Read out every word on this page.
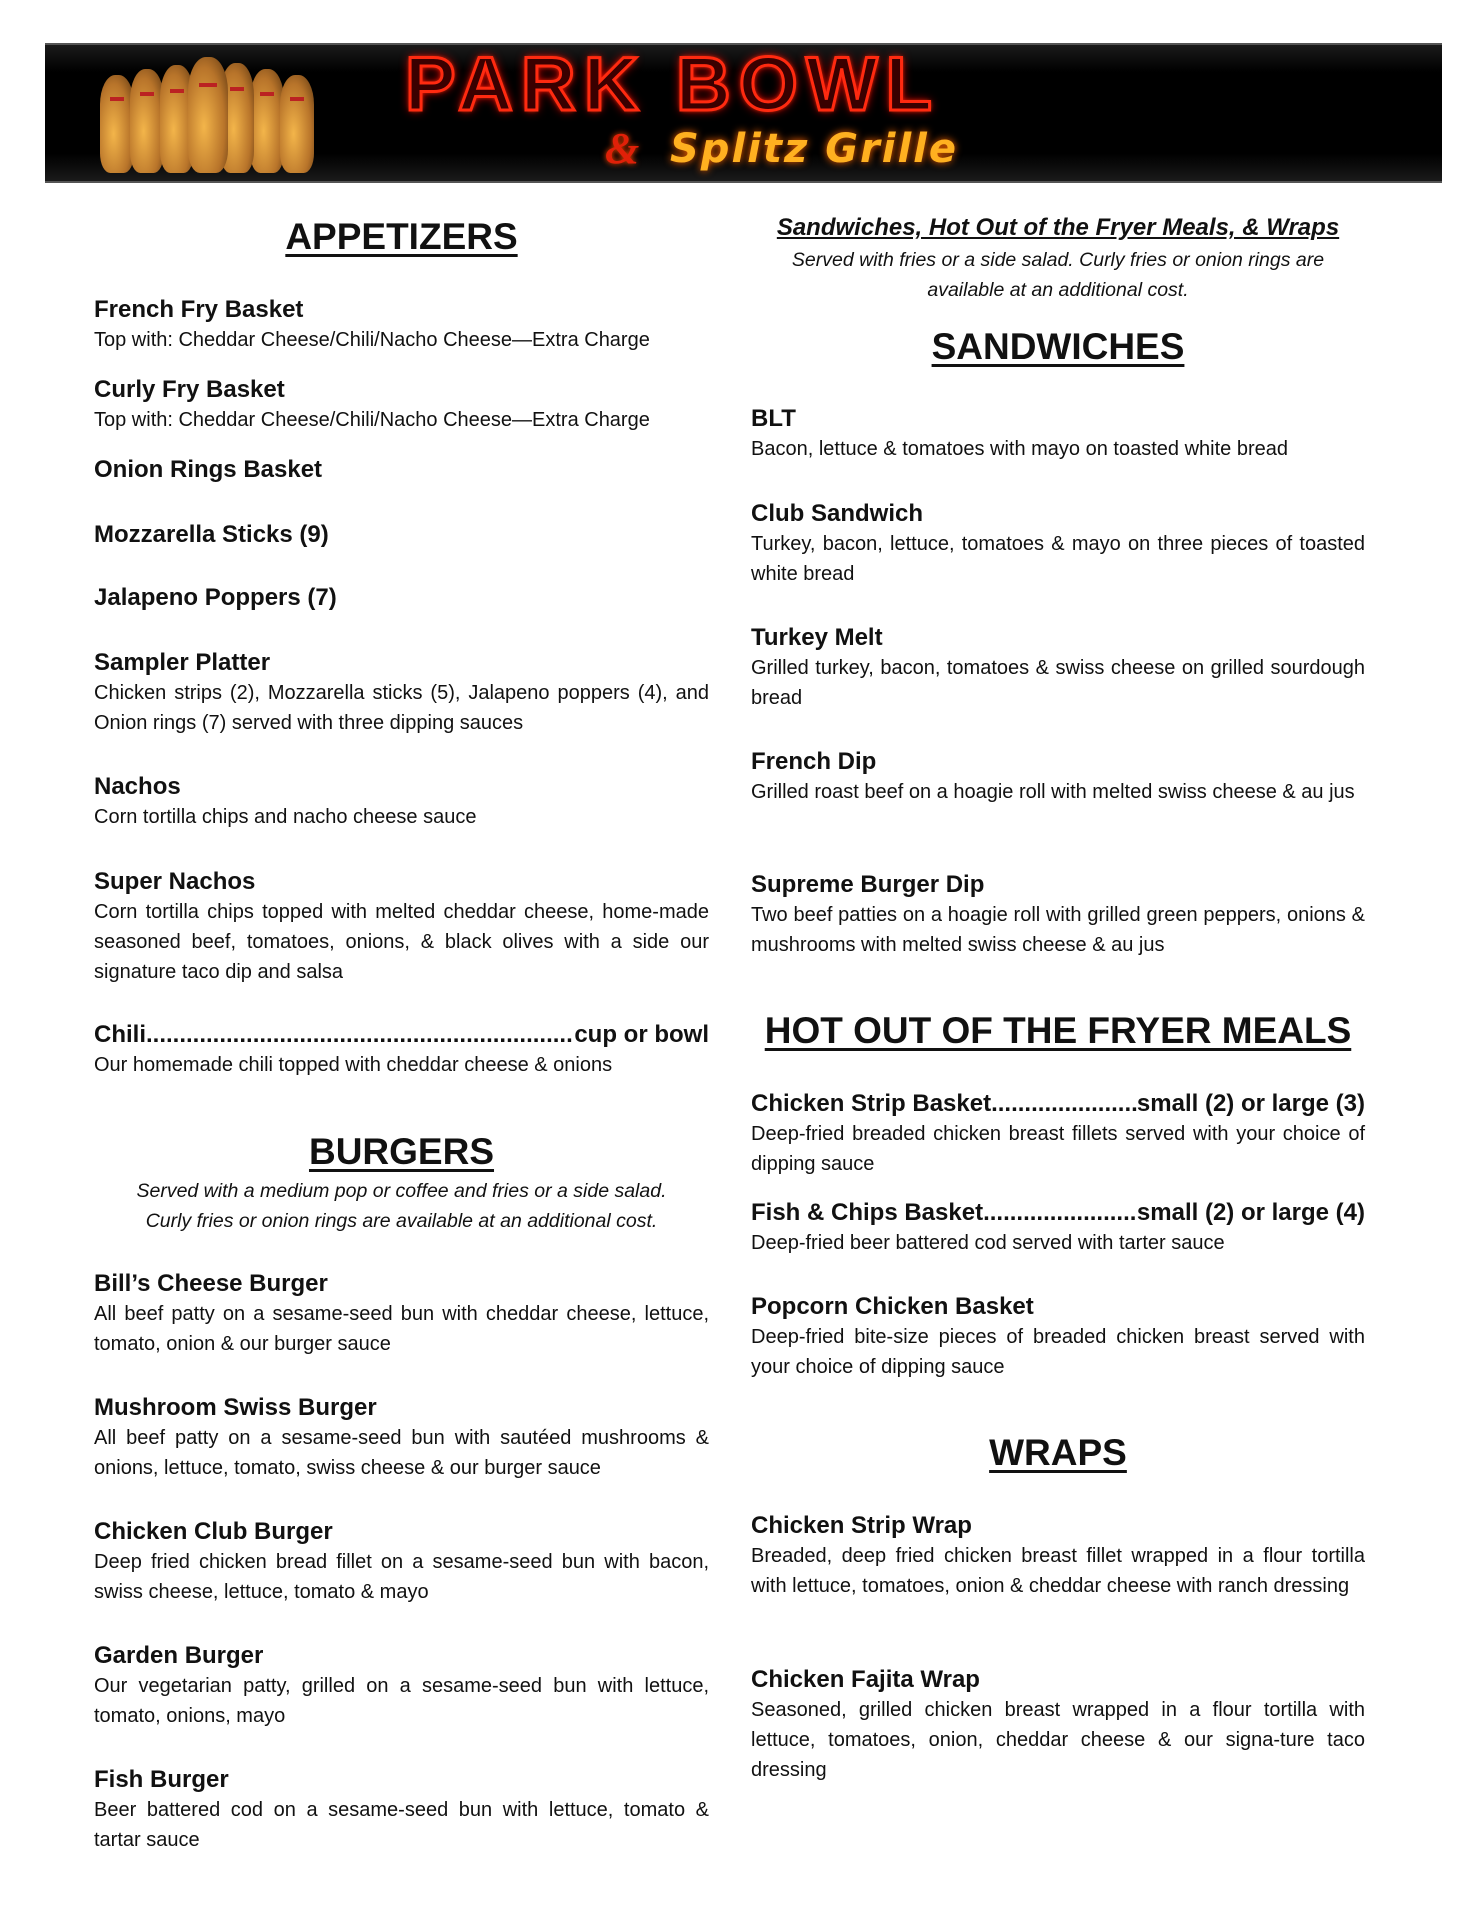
PARK BOWL
& Splitz Grille
APPETIZERS
BURGERS
Served with a medium pop or coffee and fries or a side salad.
Curly fries or onion rings are available at an additional cost.
Sandwiches, Hot Out of the Fryer Meals, & Wraps
Served with fries or a side salad. Curly fries or onion rings are
available at an additional cost.
SANDWICHES
HOT OUT OF THE FRYER MEALS
WRAPS
French Fry Basket
Top with: Cheddar Cheese/Chili/Nacho Cheese—Extra Charge
Curly Fry Basket
Top with: Cheddar Cheese/Chili/Nacho Cheese—Extra Charge
Onion Rings Basket
Mozzarella Sticks (9)
Jalapeno Poppers (7)
Sampler Platter
Chicken strips (2), Mozzarella sticks (5), Jalapeno poppers (4), and Onion rings (7) served with three dipping sauces
Nachos
Corn tortilla chips and nacho cheese sauce
Super Nachos
Corn tortilla chips topped with melted cheddar cheese, home-made seasoned beef, tomatoes, onions, & black olives with a side our signature taco dip and salsa
Chili .....	cup or bowl
Our homemade chili topped with cheddar cheese & onions
Bill’s Cheese Burger
All beef patty on a sesame-seed bun with cheddar cheese, lettuce, tomato, onion & our burger sauce
Mushroom Swiss Burger
All beef patty on a sesame-seed bun with sautéed mushrooms & onions, lettuce, tomato, swiss cheese & our burger sauce
Chicken Club Burger
Deep fried chicken bread fillet on a sesame-seed bun with bacon, swiss cheese, lettuce, tomato & mayo
Garden Burger
Our vegetarian patty, grilled on a sesame-seed bun with lettuce, tomato, onions, mayo
Fish Burger
Beer battered cod on a sesame-seed bun with lettuce, tomato & tartar sauce
BLT
Bacon, lettuce & tomatoes with mayo on toasted white bread
Club Sandwich
Turkey, bacon, lettuce, tomatoes & mayo on three pieces of toasted white bread
Turkey Melt
Grilled turkey, bacon, tomatoes & swiss cheese on grilled sourdough bread
French Dip
Grilled roast beef on a hoagie roll with melted swiss cheese & au jus
Supreme Burger Dip
Two beef patties on a hoagie roll with grilled green peppers, onions & mushrooms with melted swiss cheese & au jus
Chicken Strip Basket .....	small (2) or large (3)
Deep-fried breaded chicken breast fillets served with your choice of dipping sauce
Fish & Chips Basket .....	small (2) or large (4)
Deep-fried beer battered cod served with tarter sauce
Popcorn Chicken Basket
Deep-fried bite-size pieces of breaded chicken breast served with your choice of dipping sauce
Chicken Strip Wrap
Breaded, deep fried chicken breast fillet wrapped in a flour tortilla with lettuce, tomatoes, onion & cheddar cheese with ranch dressing
Chicken Fajita Wrap
Seasoned, grilled chicken breast wrapped in a flour tortilla with lettuce, tomatoes, onion, cheddar cheese & our signa-ture taco dressing
